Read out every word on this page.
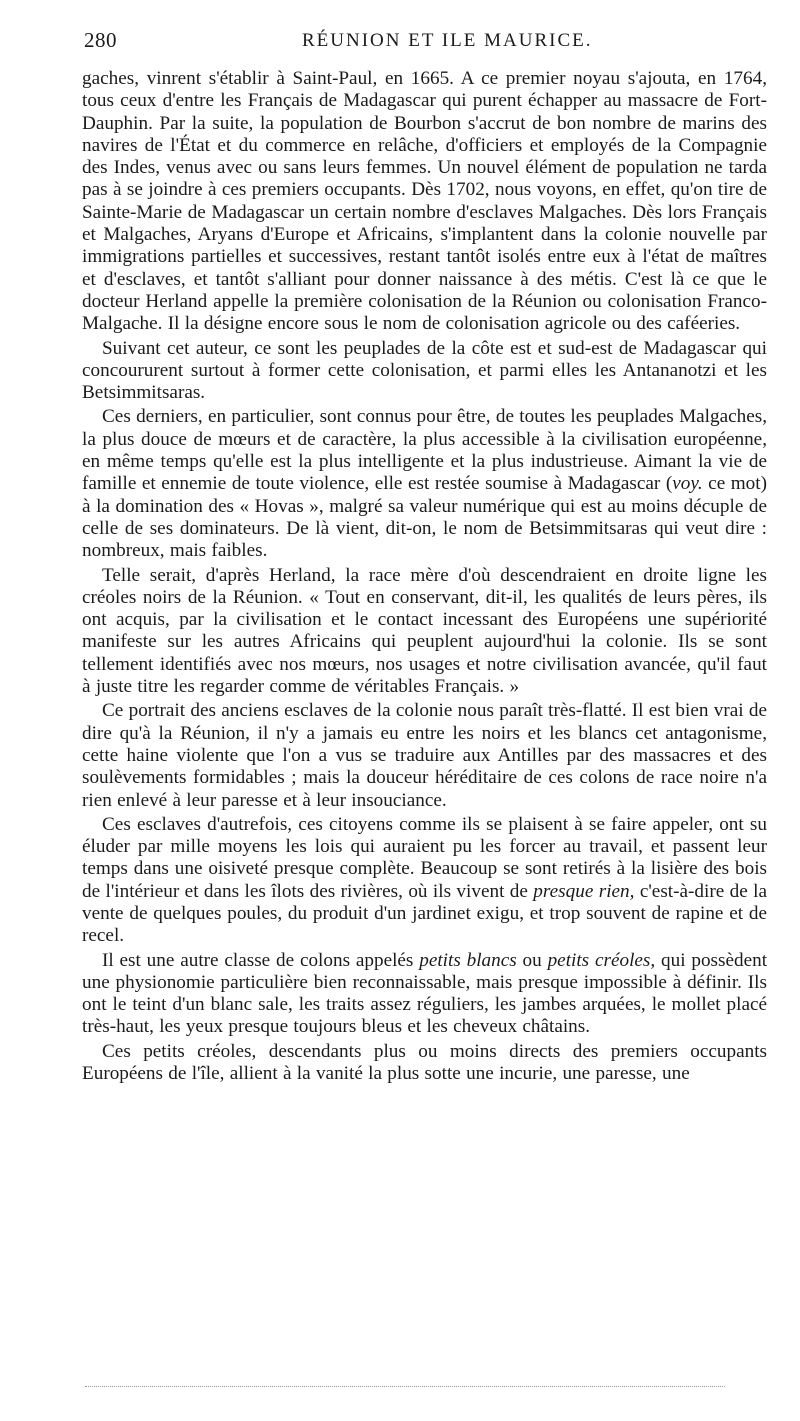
280	RÉUNION ET ILE MAURICE.

gaches, vinrent s'établir à Saint-Paul, en 1665. A ce premier noyau s'ajouta, en 1764, tous ceux d'entre les Français de Madagascar qui purent échapper au massacre de Fort-Dauphin. Par la suite, la population de Bourbon s'accrut de bon nombre de marins des navires de l'État et du commerce en relâche, d'officiers et employés de la Compagnie des Indes, venus avec ou sans leurs femmes. Un nouvel élément de population ne tarda pas à se joindre à ces premiers occupants. Dès 1702, nous voyons, en effet, qu'on tire de Sainte-Marie de Madagascar un certain nombre d'esclaves Malgaches. Dès lors Français et Malgaches, Aryans d'Europe et Africains, s'implantent dans la colonie nouvelle par immigrations partielles et successives, restant tantôt isolés entre eux à l'état de maîtres et d'esclaves, et tantôt s'alliant pour donner naissance à des métis. C'est là ce que le docteur Herland appelle la première colonisation de la Réunion ou colonisation Franco-Malgache. Il la désigne encore sous le nom de colonisation agricole ou des caféeries.

Suivant cet auteur, ce sont les peuplades de la côte est et sud-est de Madagascar qui concoururent surtout à former cette colonisation, et parmi elles les Antananotzi et les Betsimmitsaras.

Ces derniers, en particulier, sont connus pour être, de toutes les peuplades Malgaches, la plus douce de mœurs et de caractère, la plus accessible à la civilisation européenne, en même temps qu'elle est la plus intelligente et la plus industrieuse. Aimant la vie de famille et ennemie de toute violence, elle est restée soumise à Madagascar (voy. ce mot) à la domination des « Hovas », malgré sa valeur numérique qui est au moins décuple de celle de ses dominateurs. De là vient, dit-on, le nom de Betsimmitsaras qui veut dire : nombreux, mais faibles.

Telle serait, d'après Herland, la race mère d'où descendraient en droite ligne les créoles noirs de la Réunion. « Tout en conservant, dit-il, les qualités de leurs pères, ils ont acquis, par la civilisation et le contact incessant des Européens une supériorité manifeste sur les autres Africains qui peuplent aujourd'hui la colonie. Ils se sont tellement identifiés avec nos mœurs, nos usages et notre civilisation avancée, qu'il faut à juste titre les regarder comme de véritables Français. »

Ce portrait des anciens esclaves de la colonie nous paraît très-flatté. Il est bien vrai de dire qu'à la Réunion, il n'y a jamais eu entre les noirs et les blancs cet antagonisme, cette haine violente que l'on a vus se traduire aux Antilles par des massacres et des soulèvements formidables ; mais la douceur héréditaire de ces colons de race noire n'a rien enlevé à leur paresse et à leur insouciance.

Ces esclaves d'autrefois, ces citoyens comme ils se plaisent à se faire appeler, ont su éluder par mille moyens les lois qui auraient pu les forcer au travail, et passent leur temps dans une oisiveté presque complète. Beaucoup se sont retirés à la lisière des bois de l'intérieur et dans les îlots des rivières, où ils vivent de presque rien, c'est-à-dire de la vente de quelques poules, du produit d'un jardinet exigu, et trop souvent de rapine et de recel.

Il est une autre classe de colons appelés petits blancs ou petits créoles, qui possèdent une physionomie particulière bien reconnaissable, mais presque impossible à définir. Ils ont le teint d'un blanc sale, les traits assez réguliers, les jambes arquées, le mollet placé très-haut, les yeux presque toujours bleus et les cheveux châtains.

Ces petits créoles, descendants plus ou moins directs des premiers occupants Européens de l'île, allient à la vanité la plus sotte une incurie, une paresse, une
